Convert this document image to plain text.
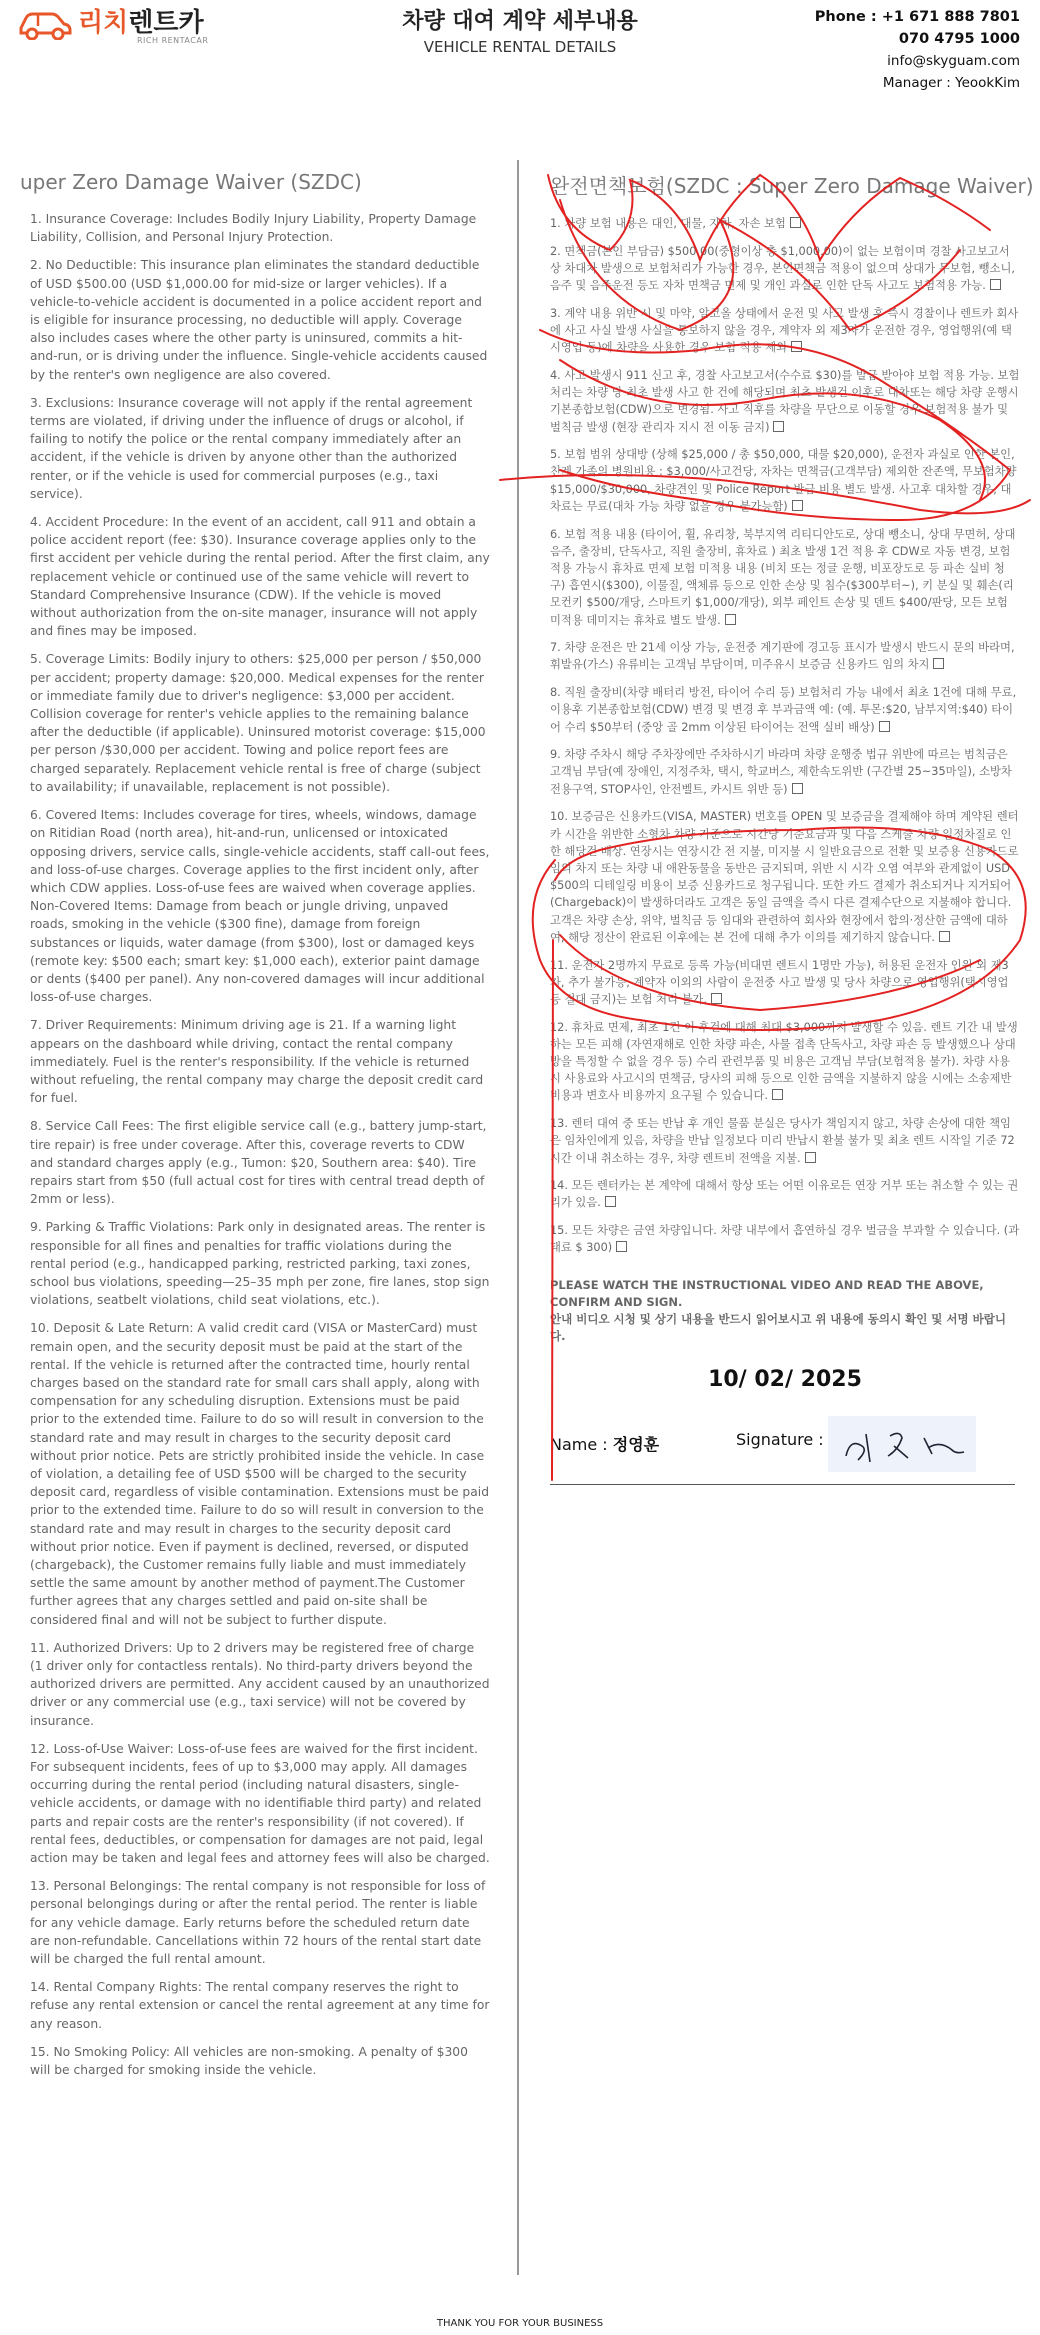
리치렌트카
RICH RENTACAR
차량 대여 계약 세부내용
VEHICLE RENTAL DETAILS
Phone : +1 671 888 7801
070 4795 1000
info@skyguam.com
Manager : YeookKim
uper Zero Damage Waiver (SZDC)
1. Insurance Coverage: Includes Bodily Injury Liability, Property Damage Liability, Collision, and Personal Injury Protection.
2. No Deductible: This insurance plan eliminates the standard deductible of USD $500.00 (USD $1,000.00 for mid-size or larger vehicles). If a vehicle-to-vehicle accident is documented in a police accident report and is eligible for insurance processing, no deductible will apply. Coverage also includes cases where the other party is uninsured, commits a hit-and-run, or is driving under the influence. Single-vehicle accidents caused by the renter's own negligence are also covered.
3. Exclusions: Insurance coverage will not apply if the rental agreement terms are violated, if driving under the influence of drugs or alcohol, if failing to notify the police or the rental company immediately after an accident, if the vehicle is driven by anyone other than the authorized renter, or if the vehicle is used for commercial purposes (e.g., taxi service).
4. Accident Procedure: In the event of an accident, call 911 and obtain a police accident report (fee: $30). Insurance coverage applies only to the first accident per vehicle during the rental period. After the first claim, any replacement vehicle or continued use of the same vehicle will revert to Standard Comprehensive Insurance (CDW). If the vehicle is moved without authorization from the on-site manager, insurance will not apply and fines may be imposed.
5. Coverage Limits: Bodily injury to others: $25,000 per person / $50,000 per accident; property damage: $20,000. Medical expenses for the renter or immediate family due to driver's negligence: $3,000 per accident. Collision coverage for renter's vehicle applies to the remaining balance after the deductible (if applicable). Uninsured motorist coverage: $15,000 per person /$30,000 per accident. Towing and police report fees are charged separately. Replacement vehicle rental is free of charge (subject to availability; if unavailable, replacement is not possible).
6. Covered Items: Includes coverage for tires, wheels, windows, damage on Ritidian Road (north area), hit-and-run, unlicensed or intoxicated opposing drivers, service calls, single-vehicle accidents, staff call-out fees, and loss-of-use charges. Coverage applies to the first incident only, after which CDW applies. Loss-of-use fees are waived when coverage applies. Non-Covered Items: Damage from beach or jungle driving, unpaved roads, smoking in the vehicle ($300 fine), damage from foreign substances or liquids, water damage (from $300), lost or damaged keys (remote key: $500 each; smart key: $1,000 each), exterior paint damage or dents ($400 per panel). Any non-covered damages will incur additional loss-of-use charges.
7. Driver Requirements: Minimum driving age is 21. If a warning light appears on the dashboard while driving, contact the rental company immediately. Fuel is the renter's responsibility. If the vehicle is returned without refueling, the rental company may charge the deposit credit card for fuel.
8. Service Call Fees: The first eligible service call (e.g., battery jump-start, tire repair) is free under coverage. After this, coverage reverts to CDW and standard charges apply (e.g., Tumon: $20, Southern area: $40). Tire repairs start from $50 (full actual cost for tires with central tread depth of 2mm or less).
9. Parking & Traffic Violations: Park only in designated areas. The renter is responsible for all fines and penalties for traffic violations during the rental period (e.g., handicapped parking, restricted parking, taxi zones, school bus violations, speeding—25–35 mph per zone, fire lanes, stop sign violations, seatbelt violations, child seat violations, etc.).
10. Deposit & Late Return: A valid credit card (VISA or MasterCard) must remain open, and the security deposit must be paid at the start of the rental. If the vehicle is returned after the contracted time, hourly rental charges based on the standard rate for small cars shall apply, along with compensation for any scheduling disruption. Extensions must be paid prior to the extended time. Failure to do so will result in conversion to the standard rate and may result in charges to the security deposit card without prior notice. Pets are strictly prohibited inside the vehicle. In case of violation, a detailing fee of USD $500 will be charged to the security deposit card, regardless of visible contamination. Extensions must be paid prior to the extended time. Failure to do so will result in conversion to the standard rate and may result in charges to the security deposit card without prior notice. Even if payment is declined, reversed, or disputed (chargeback), the Customer remains fully liable and must immediately settle the same amount by another method of payment.The Customer further agrees that any charges settled and paid on-site shall be considered final and will not be subject to further dispute.
11. Authorized Drivers: Up to 2 drivers may be registered free of charge (1 driver only for contactless rentals). No third-party drivers beyond the authorized drivers are permitted. Any accident caused by an unauthorized driver or any commercial use (e.g., taxi service) will not be covered by insurance.
12. Loss-of-Use Waiver: Loss-of-use fees are waived for the first incident. For subsequent incidents, fees of up to $3,000 may apply. All damages occurring during the rental period (including natural disasters, single-vehicle accidents, or damage with no identifiable third party) and related parts and repair costs are the renter's responsibility (if not covered). If rental fees, deductibles, or compensation for damages are not paid, legal action may be taken and legal fees and attorney fees will also be charged.
13. Personal Belongings: The rental company is not responsible for loss of personal belongings during or after the rental period. The renter is liable for any vehicle damage. Early returns before the scheduled return date are non-refundable. Cancellations within 72 hours of the rental start date will be charged the full rental amount.
14. Rental Company Rights: The rental company reserves the right to refuse any rental extension or cancel the rental agreement at any time for any reason.
15. No Smoking Policy: All vehicles are non-smoking. A penalty of $300 will be charged for smoking inside the vehicle.
완전면책보험(SZDC : Super Zero Damage Waiver)
1. 차량 보험 내용은 대인, 대물, 자차, 자손 보험
2. 면책금(본인 부담금) $500.00(중형이상 총 $1,000.00)이 없는 보험이며 경찰 사고보고서 상 차대차 발생으로 보험처리가 가능한 경우, 본인면책금 적용이 없으며 상대가 무보험, 뺑소니, 음주 및 음주운전 등도 자차 면책금 면제 및 개인 과실로 인한 단독 사고도 보험적용 가능.
3. 계약 내용 위반 시 및 마약, 알코올 상태에서 운전 및 사고 발생 후 즉시 경찰이나 렌트카 회사에 사고 사실 발생 사실을 통보하지 않을 경우, 계약자 외 제3자가 운전한 경우, 영업행위(예 택시영업 등)에 차량을 사용한 경우 보험 적용 제외
4. 사고 발생시 911 신고 후, 경찰 사고보고서(수수료 $30)를 발급 받아야 보험 적용 가능. 보험처리는 차량 당 최초 발생 사고 한 건에 해당되며 최초 발생건 이후로 대차또는 해당 차량 운행시 기본종합보험(CDW)으로 변경됨. 사고 직후를 차량을 무단으로 이동할 경우 보험적용 불가 및 벌칙금 발생 (현장 관리자 지시 전 이동 금지)
5. 보험 범위 상대방 (상해 $25,000 / 총 $50,000, 대물 $20,000), 운전자 과실로 인한 본인, 친계 가족의 병원비용 : $3,000/사고건당, 자차는 면책금(고객부담) 제외한 잔존액, 무보험차량 $15,000/$30,000, 차량견인 및 Police Report 발급 비용 별도 발생. 사고후 대차할 경우, 대차료는 무료(대차 가능 차량 없을 경우 불가능함)
6. 보험 적용 내용 (타이어, 휠, 유리창, 북부지역 리티디안도로, 상대 뺑소니, 상대 무면허, 상대 음주, 출장비, 단독사고, 직원 출장비, 휴차료 ) 최초 발생 1건 적용 후 CDW로 자동 변경, 보험적용 가능시 휴차료 면제 보험 미적용 내용 (비치 또는 정글 운행, 비포장도로 등 파손 실비 청구) 흡연시($300), 이물질, 액체류 등으로 인한 손상 및 침수($300부터~), 키 분실 및 훼손(리모컨키 $500/개당, 스마트키 $1,000/개당), 외부 페인트 손상 및 덴트 $400/판당, 모든 보험 미적용 데미지는 휴차료 별도 발생.
7. 차량 운전은 만 21세 이상 가능, 운전중 계기판에 경고등 표시가 발생시 반드시 문의 바라며, 휘발유(가스) 유류비는 고객님 부담이며, 미주유시 보증금 신용카드 임의 차지
8. 직원 출장비(차량 배터리 방전, 타이어 수리 등) 보험처리 가능 내에서 최초 1건에 대해 무료, 이용후 기본종합보험(CDW) 변경 및 변경 후 부과금액 예: (예. 투몬:$20, 남부지역:$40) 타이어 수리 $50부터 (중앙 골 2mm 이상된 타이어는 전액 실비 배상)
9. 차량 주차시 해당 주차장에만 주차하시기 바라며 차량 운행중 법규 위반에 따르는 범칙금은 고객님 부담(예 장애인, 지정주차, 택시, 학교버스, 제한속도위반 (구간별 25~35마일), 소방차전용구역, STOP사인, 안전벨트, 카시트 위반 등)
10. 보증금은 신용카드(VISA, MASTER) 번호를 OPEN 및 보증금을 결제해야 하며 계약된 렌터카 시간을 위반한 소형차 차량 기준으로 시간당 기준요금과 및 다음 스케줄 차량 일정차질로 인한 해당건 배상. 연장시는 연장시간 전 지불, 미지불 시 일반요금으로 전환 및 보증용 신용카드로 임의 차지 또는 차량 내 애완동물을 동반은 금지되며, 위반 시 시각 오염 여부와 관계없이 USD $500의 디테일링 비용이 보증 신용카드로 청구됩니다. 또한 카드 결제가 취소되거나 지거되어 (Chargeback)이 발생하더라도 고객은 동일 금액을 즉시 다른 결제수단으로 지불해야 합니다. 고객은 차량 손상, 위약, 벌칙금 등 임대와 관련하여 회사와 현장에서 합의·정산한 금액에 대하여, 해당 정산이 완료된 이후에는 본 건에 대해 추가 이의를 제기하지 않습니다.
11. 운전자 2명까지 무료로 등록 가능(비대면 렌트시 1명만 가능), 허용된 운전자 인원 외 제3자, 추가 불가능, 계약자 이외의 사람이 운전중 사고 발생 및 당사 차량으로 영업행위(택시영업 등 절대 금지)는 보험 처리 불가.
12. 휴차료 면제, 최초 1건 이 후건에 대해 최대 $3,000까지 발생할 수 있음. 렌트 기간 내 발생하는 모든 피해 (자연재해로 인한 차량 파손, 사물 접촉 단독사고, 차량 파손 등 발생했으나 상대방을 특정할 수 없을 경우 등) 수리 관련부품 및 비용은 고객님 부담(보험적용 불가). 차량 사용시 사용료와 사고시의 면책금, 당사의 피해 등으로 인한 금액을 지불하지 않을 시에는 소송제반 비용과 변호사 비용까지 요구될 수 있습니다.
13. 렌터 대여 중 또는 반납 후 개인 물품 분실은 당사가 책임지지 않고, 차량 손상에 대한 책임은 임차인에게 있음, 차량을 반납 일정보다 미리 반납시 환불 불가 및 최초 렌트 시작일 기준 72시간 이내 취소하는 경우, 차량 렌트비 전액을 지불.
14. 모든 렌터카는 본 계약에 대해서 항상 또는 어떤 이유로든 연장 거부 또는 취소할 수 있는 권리가 있음.
15. 모든 차량은 금연 차량입니다. 차량 내부에서 흡연하실 경우 벌금을 부과할 수 있습니다. (과태료 $ 300)
PLEASE WATCH THE INSTRUCTIONAL VIDEO AND READ THE ABOVE, CONFIRM AND SIGN.
안내 비디오 시청 및 상기 내용을 반드시 읽어보시고 위 내용에 동의시 확인 및 서명 바랍니다.
10/ 02/ 2025
Name : 정영훈	Signature :
THANK YOU FOR YOUR BUSINESS
